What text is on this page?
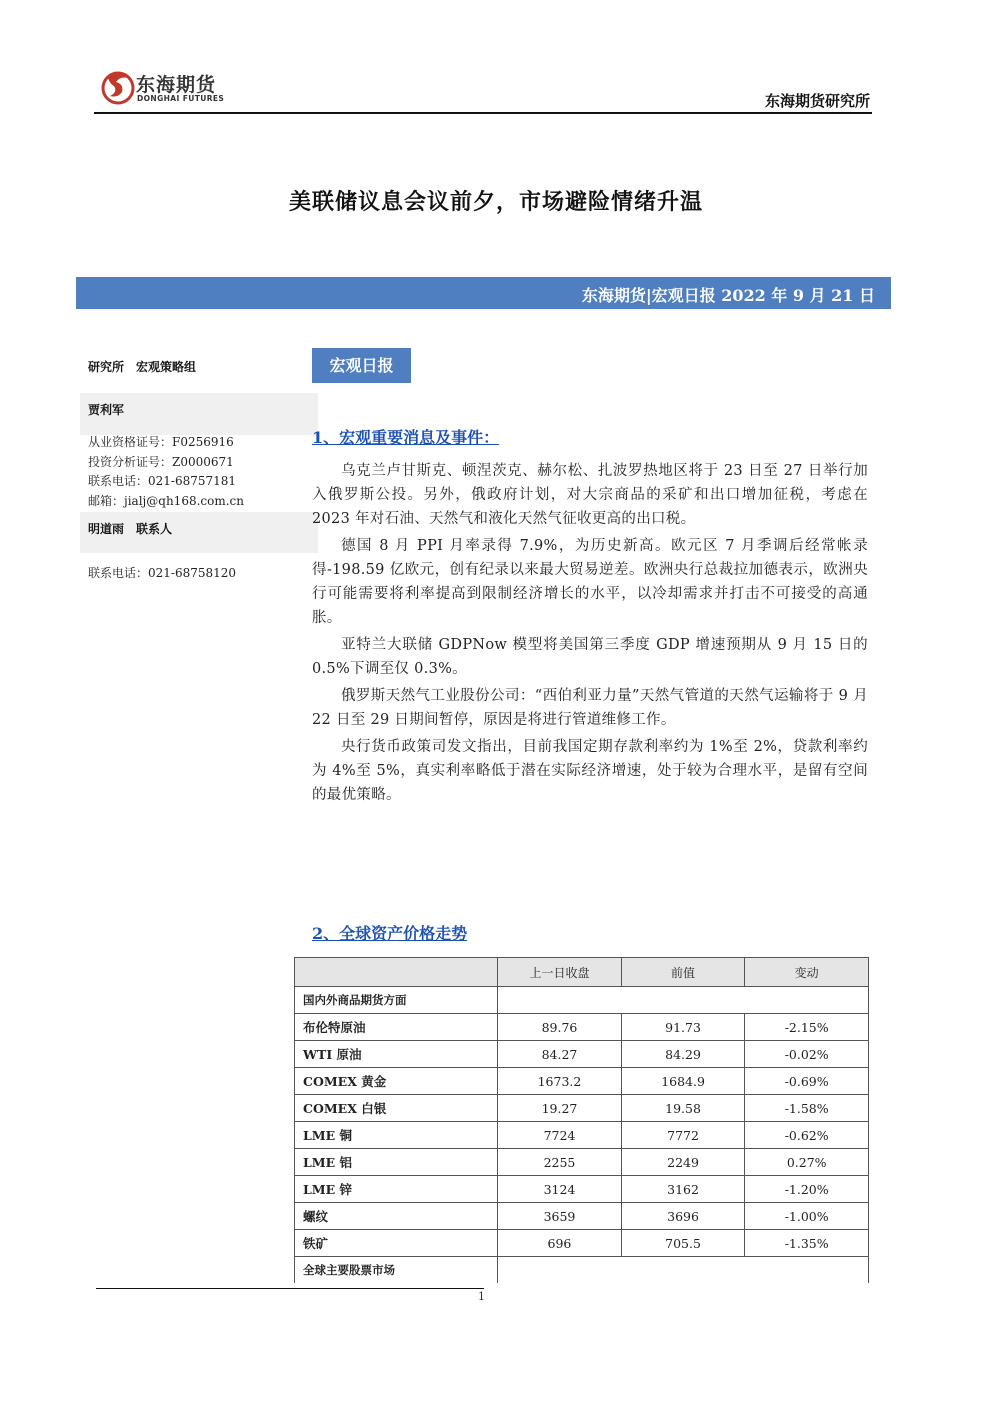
东海期货
DONGHAI FUTURES	东海期货研究所
美联储议息会议前夕，市场避险情绪升温
东海期货|宏观日报 2022 年 9 月 21 日
研究所　宏观策略组
贾利军
从业资格证号：F0256916
投资分析证号：Z0000671
联系电话：021-68757181
邮箱：jialj@qh168.com.cn
明道雨　联系人
联系电话：021-68758120
宏观日报
1、宏观重要消息及事件：

乌克兰卢甘斯克、顿涅茨克、赫尔松、扎波罗热地区将于 23 日至 27 日举行加入俄罗斯公投。另外，俄政府计划，对大宗商品的采矿和出口增加征税，考虑在 2023 年对石油、天然气和液化天然气征收更高的出口税。

德国 8 月 PPI 月率录得 7.9%，为历史新高。欧元区 7 月季调后经常帐录得-198.59 亿欧元，创有纪录以来最大贸易逆差。欧洲央行总裁拉加德表示，欧洲央行可能需要将利率提高到限制经济增长的水平，以冷却需求并打击不可接受的高通胀。

亚特兰大联储 GDPNow 模型将美国第三季度 GDP 增速预期从 9 月 15 日的 0.5%下调至仅 0.3%。

俄罗斯天然气工业股份公司：“西伯利亚力量”天然气管道的天然气运输将于 9 月 22 日至 29 日期间暂停，原因是将进行管道维修工作。

央行货币政策司发文指出，目前我国定期存款利率约为 1%至 2%，贷款利率约为 4%至 5%，真实利率略低于潜在实际经济增速，处于较为合理水平，是留有空间的最优策略。

2、全球资产价格走势
	上一日收盘	前值	变动
国内外商品期货方面			
布伦特原油	89.76	91.73	-2.15%
WTI 原油	84.27	84.29	-0.02%
COMEX 黄金	1673.2	1684.9	-0.69%
COMEX 白银	19.27	19.58	-1.58%
LME 铜	7724	7772	-0.62%
LME 铝	2255	2249	0.27%
LME 锌	3124	3162	-1.20%
螺纹	3659	3696	-1.00%
铁矿	696	705.5	-1.35%
全球主要股票市场			
1
